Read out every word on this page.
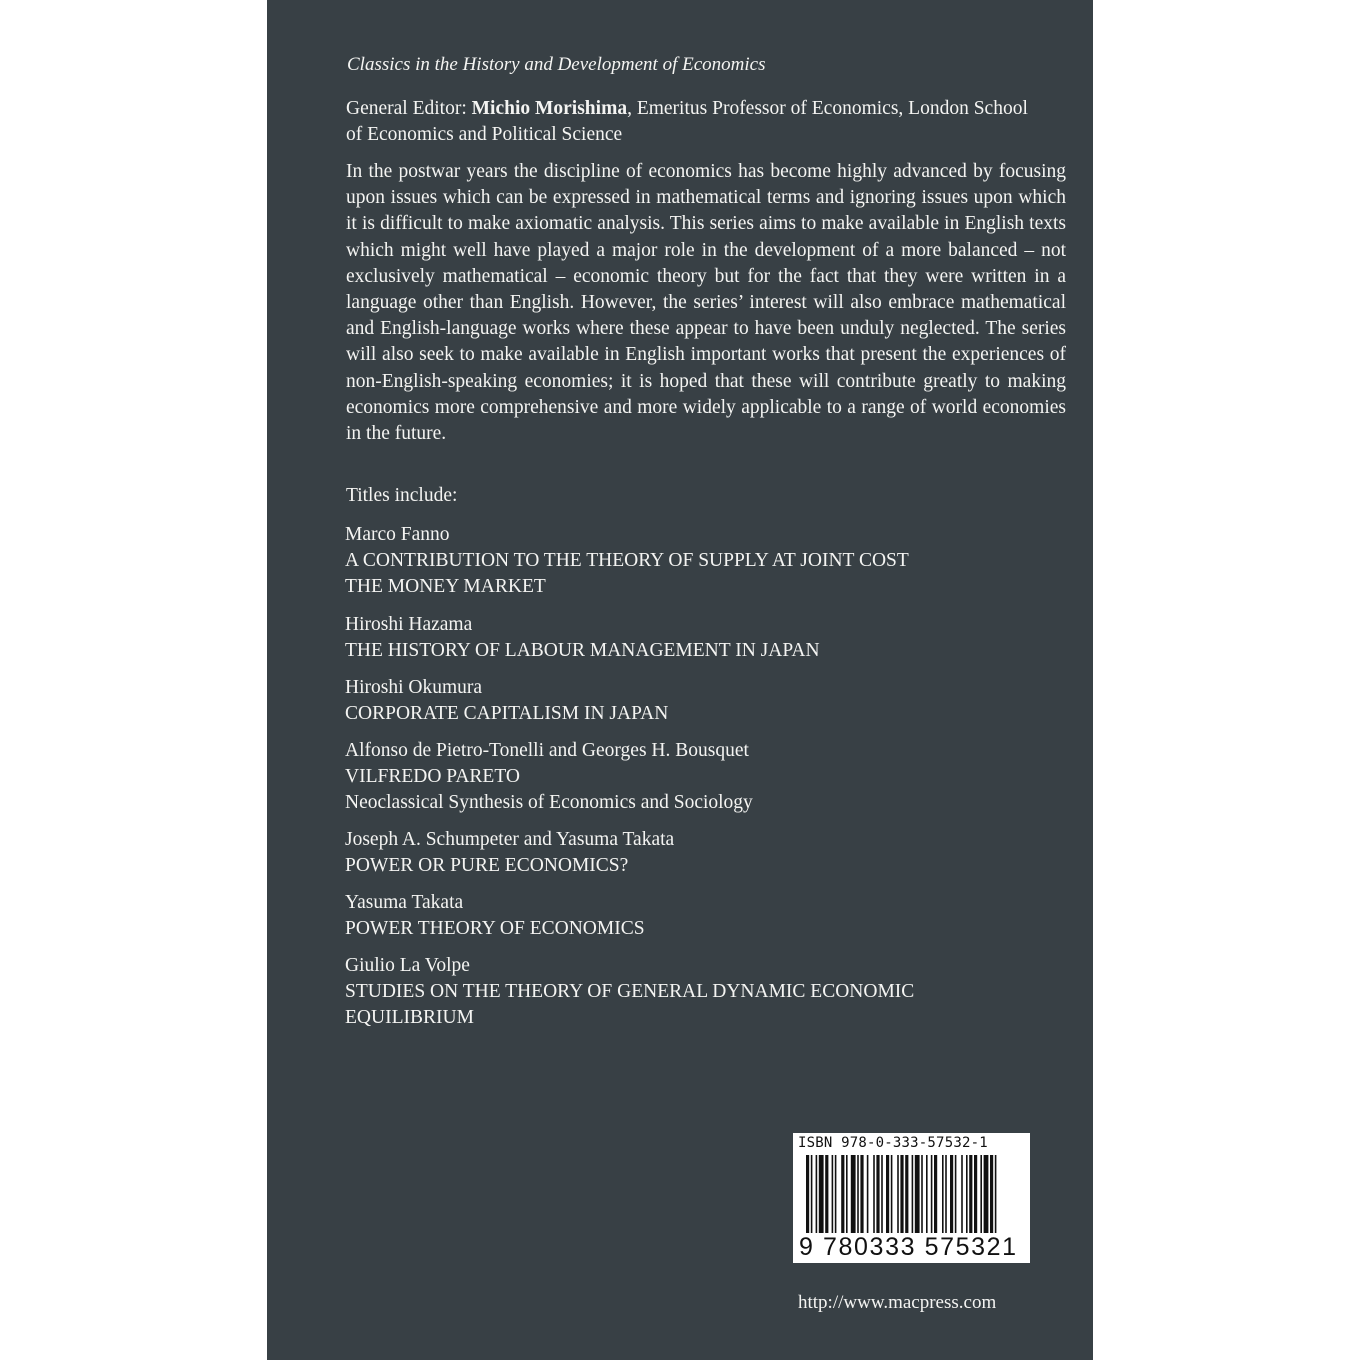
Classics in the History and Development of Economics
General Editor: Michio Morishima, Emeritus Professor of Economics, London School of Economics and Political Science
In the postwar years the discipline of economics has become highly advanced by focusing upon issues which can be expressed in mathematical terms and ignoring issues upon which it is difficult to make axiomatic analysis. This series aims to make available in English texts which might well have played a major role in the development of a more balanced – not exclusively mathematical – economic theory but for the fact that they were written in a language other than English. However, the series’ interest will also embrace mathematical and English-language works where these appear to have been unduly neglected. The series will also seek to make available in English important works that present the experiences of non-English-speaking economies; it is hoped that these will contribute greatly to making economics more comprehensive and more widely applicable to a range of world economies in the future.
Titles include:
Marco Fanno
A CONTRIBUTION TO THE THEORY OF SUPPLY AT JOINT COST
THE MONEY MARKET
Hiroshi Hazama
THE HISTORY OF LABOUR MANAGEMENT IN JAPAN
Hiroshi Okumura
CORPORATE CAPITALISM IN JAPAN
Alfonso de Pietro-Tonelli and Georges H. Bousquet
VILFREDO PARETO
Neoclassical Synthesis of Economics and Sociology
Joseph A. Schumpeter and Yasuma Takata
POWER OR PURE ECONOMICS?
Yasuma Takata
POWER THEORY OF ECONOMICS
Giulio La Volpe
STUDIES ON THE THEORY OF GENERAL DYNAMIC ECONOMIC
EQUILIBRIUM
ISBN 978-0-333-57532-1
9 780333 575321
http://www.macpress.com
